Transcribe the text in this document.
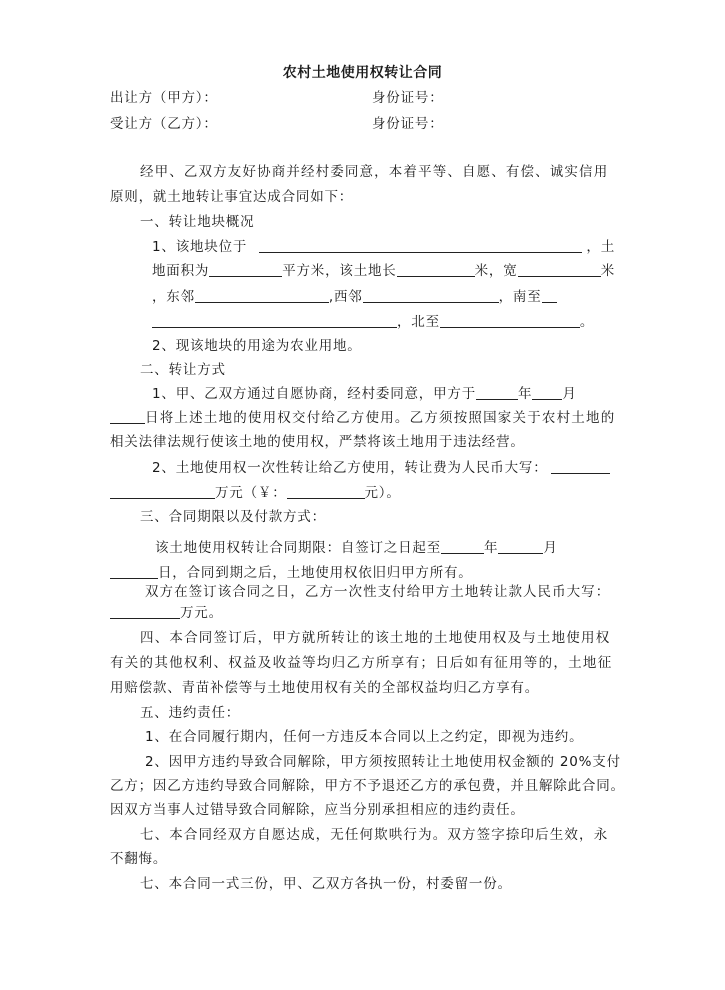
农村土地使用权转让合同
出让方（甲方）：	身份证号：
受让方（乙方）：	身份证号：
经甲、乙双方友好协商并经村委同意，本着平等、自愿、有偿、诚实信用
原则，就土地转让事宜达成合同如下：
一、转让地块概况
1、该地块位于	，土
地面积为	平方米，该土地长	米，宽	米
，东邻	,西邻	，南至
，北至	。
2、现该地块的用途为农业用地。
二、转让方式
1、甲、乙双方通过自愿协商，经村委同意，甲方于	年 月
日将上述土地的使用权交付给乙方使用。乙方须按照国家关于农村土地的
相关法律法规行使该土地的使用权，严禁将该土地用于违法经营。
2、土地使用权一次性转让给乙方使用，转让费为人民币大写：
万元（￥：	元）。
三、合同期限以及付款方式：
该土地使用权转让合同期限：自签订之日起至	年	月
日，合同到期之后，土地使用权依旧归甲方所有。
双方在签订该合同之日，乙方一次性支付给甲方土地转让款人民币大写：
万元。
四、本合同签订后，甲方就所转让的该土地的土地使用权及与土地使用权
有关的其他权利、权益及收益等均归乙方所享有；日后如有征用等的，土地征
用赔偿款、青苗补偿等与土地使用权有关的全部权益均归乙方享有。
五、违约责任：
1、在合同履行期内，任何一方违反本合同以上之约定，即视为违约。
2、因甲方违约导致合同解除，甲方须按照转让土地使用权金额的 20%支付
乙方；因乙方违约导致合同解除，甲方不予退还乙方的承包费，并且解除此合同。
因双方当事人过错导致合同解除，应当分别承担相应的违约责任。
七、本合同经双方自愿达成，无任何欺哄行为。双方签字捺印后生效，永
不翻悔。
七、本合同一式三份，甲、乙双方各执一份，村委留一份。
